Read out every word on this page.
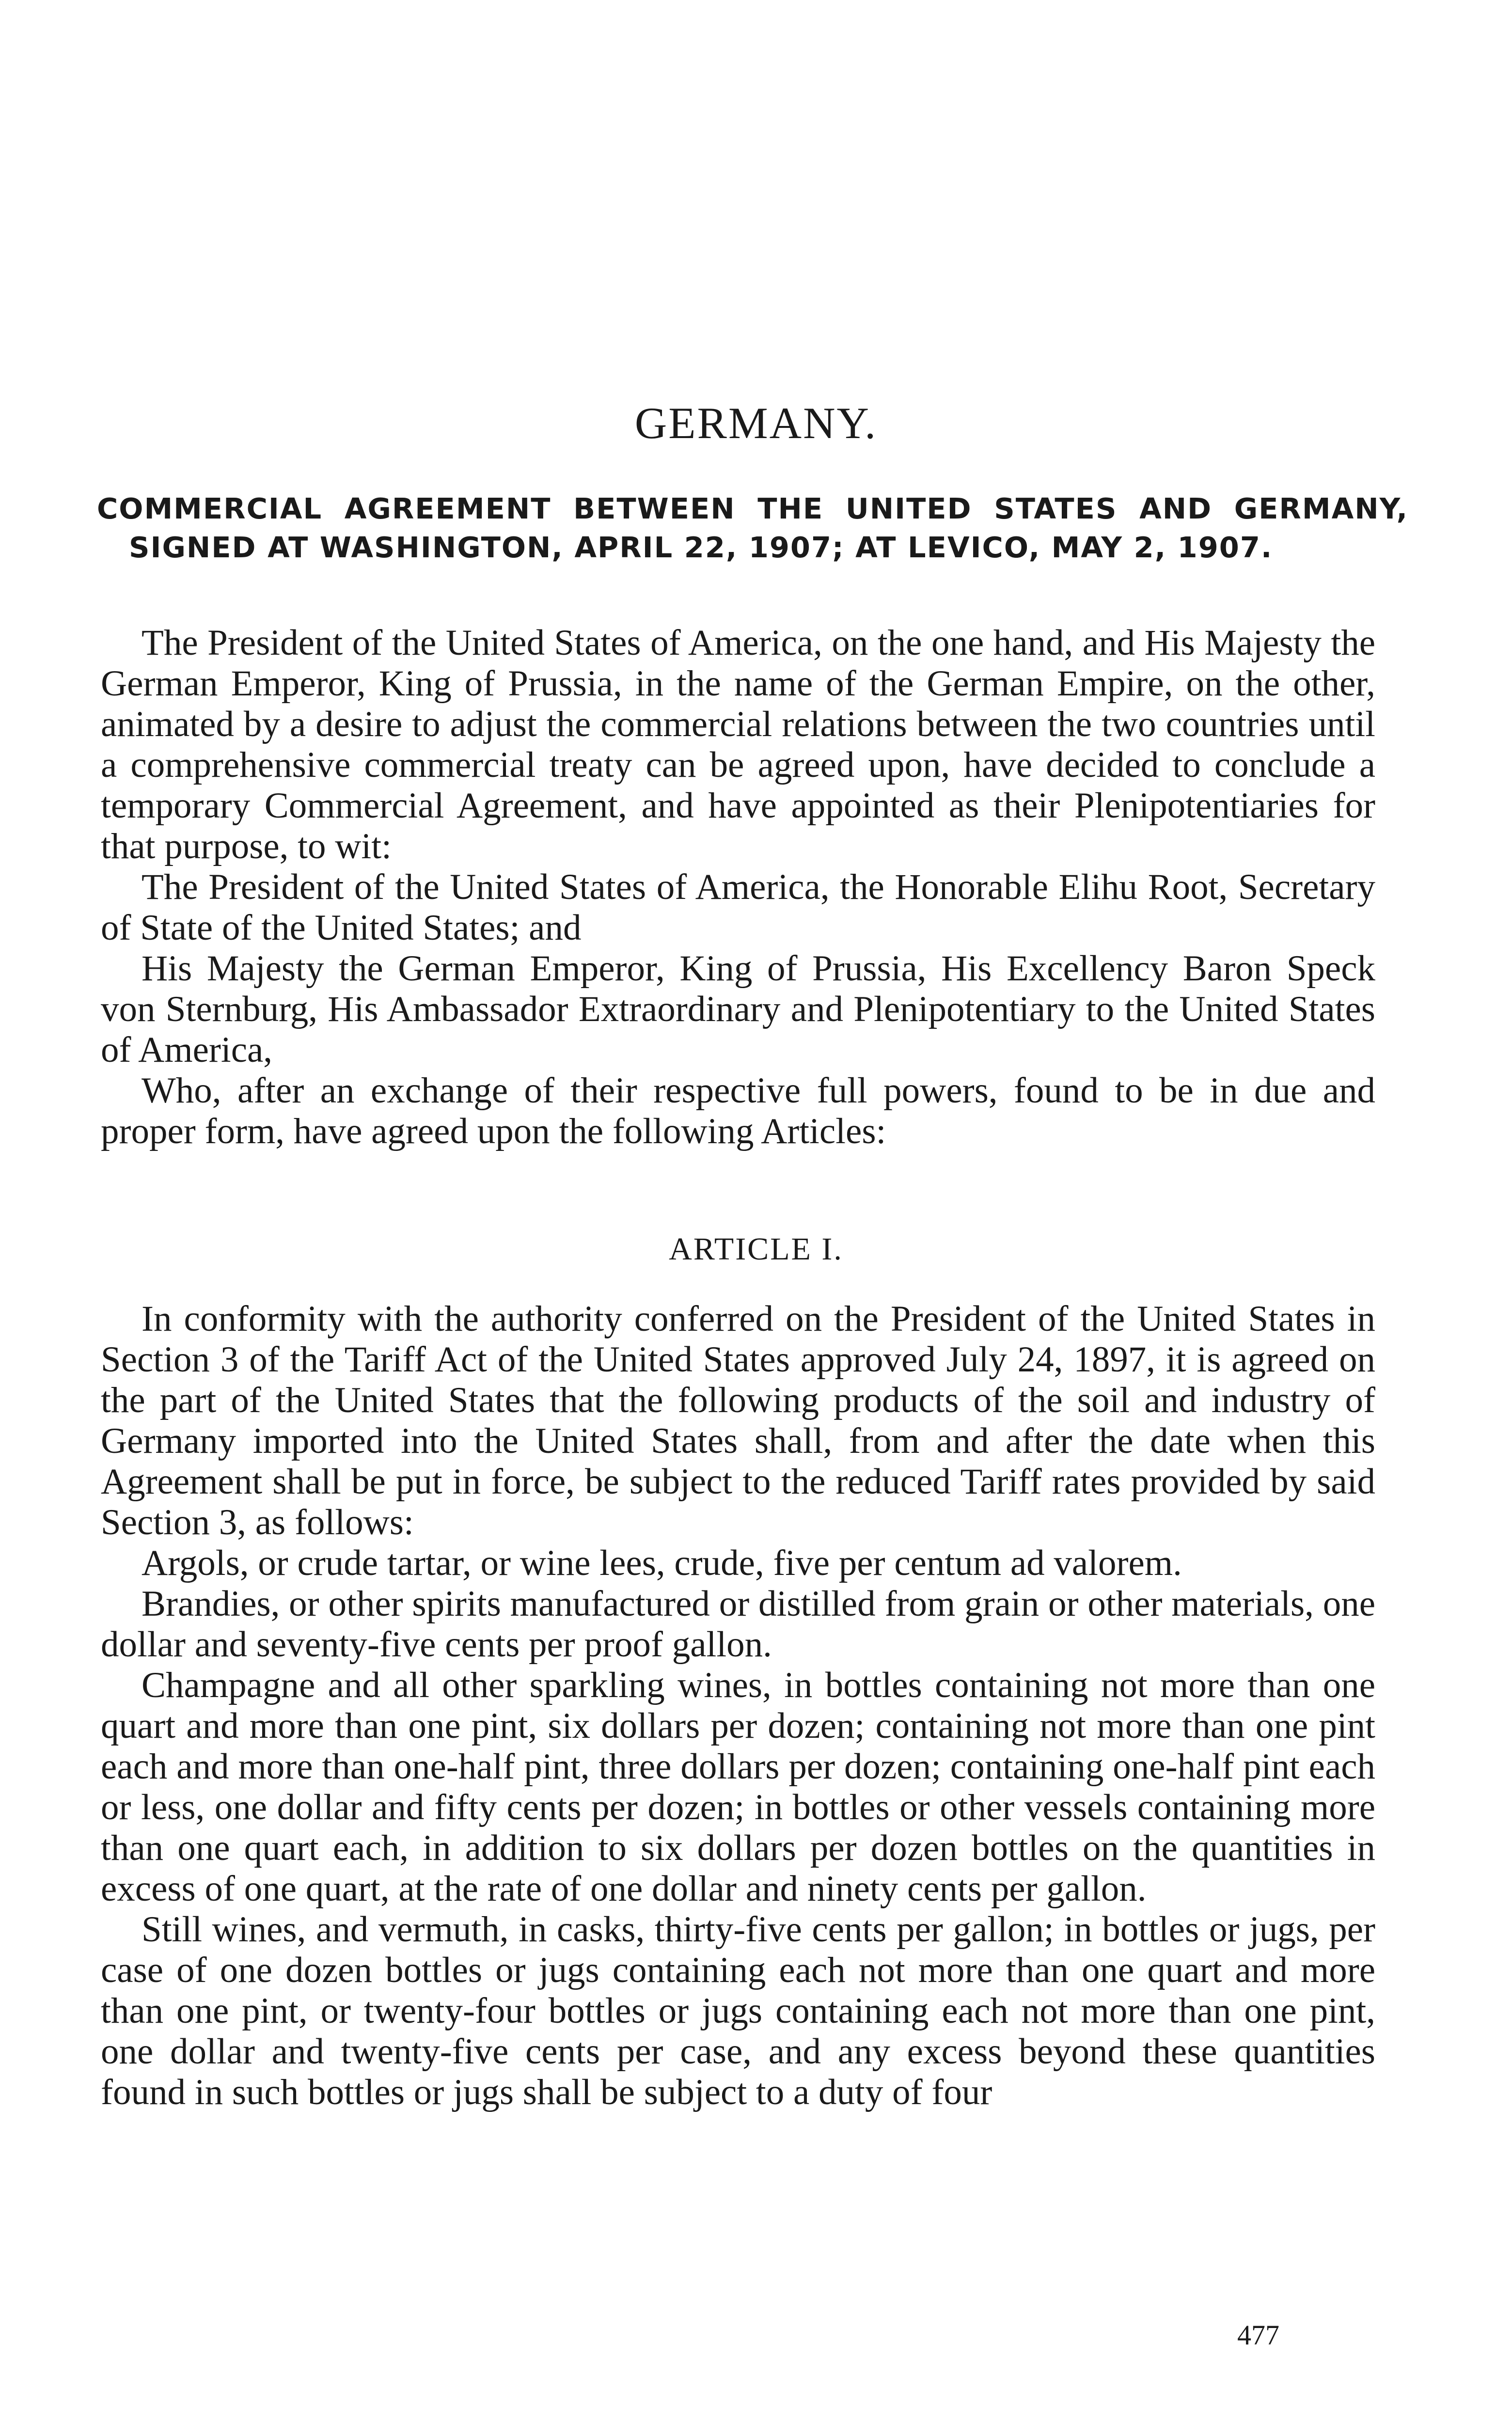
GERMANY.
COMMERCIAL AGREEMENT BETWEEN THE UNITED STATES AND GERMANY, SIGNED AT WASHINGTON, APRIL 22, 1907; AT LEVICO, MAY 2, 1907.

The President of the United States of America, on the one hand, and His Majesty the German Emperor, King of Prussia, in the name of the German Empire, on the other, animated by a desire to adjust the commercial relations between the two countries until a comprehensive commercial treaty can be agreed upon, have decided to conclude a temporary Commercial Agreement, and have appointed as their Plenipotentiaries for that purpose, to wit:

The President of the United States of America, the Honorable Elihu Root, Secretary of State of the United States; and

His Majesty the German Emperor, King of Prussia, His Excellency Baron Speck von Sternburg, His Ambassador Extraordinary and Plenipotentiary to the United States of America,

Who, after an exchange of their respective full powers, found to be in due and proper form, have agreed upon the following Articles:

ARTICLE I.

In conformity with the authority conferred on the President of the United States in Section 3 of the Tariff Act of the United States approved July 24, 1897, it is agreed on the part of the United States that the following products of the soil and industry of Germany imported into the United States shall, from and after the date when this Agreement shall be put in force, be subject to the reduced Tariff rates provided by said Section 3, as follows:

Argols, or crude tartar, or wine lees, crude, five per centum ad valorem.

Brandies, or other spirits manufactured or distilled from grain or other materials, one dollar and seventy-five cents per proof gallon.

Champagne and all other sparkling wines, in bottles containing not more than one quart and more than one pint, six dollars per dozen; containing not more than one pint each and more than one-half pint, three dollars per dozen; containing one-half pint each or less, one dollar and fifty cents per dozen; in bottles or other vessels containing more than one quart each, in addition to six dollars per dozen bottles on the quantities in excess of one quart, at the rate of one dollar and ninety cents per gallon.

Still wines, and vermuth, in casks, thirty-five cents per gallon; in bottles or jugs, per case of one dozen bottles or jugs containing each not more than one quart and more than one pint, or twenty-four bottles or jugs containing each not more than one pint, one dollar and twenty-five cents per case, and any excess beyond these quantities found in such bottles or jugs shall be subject to a duty of four

477
